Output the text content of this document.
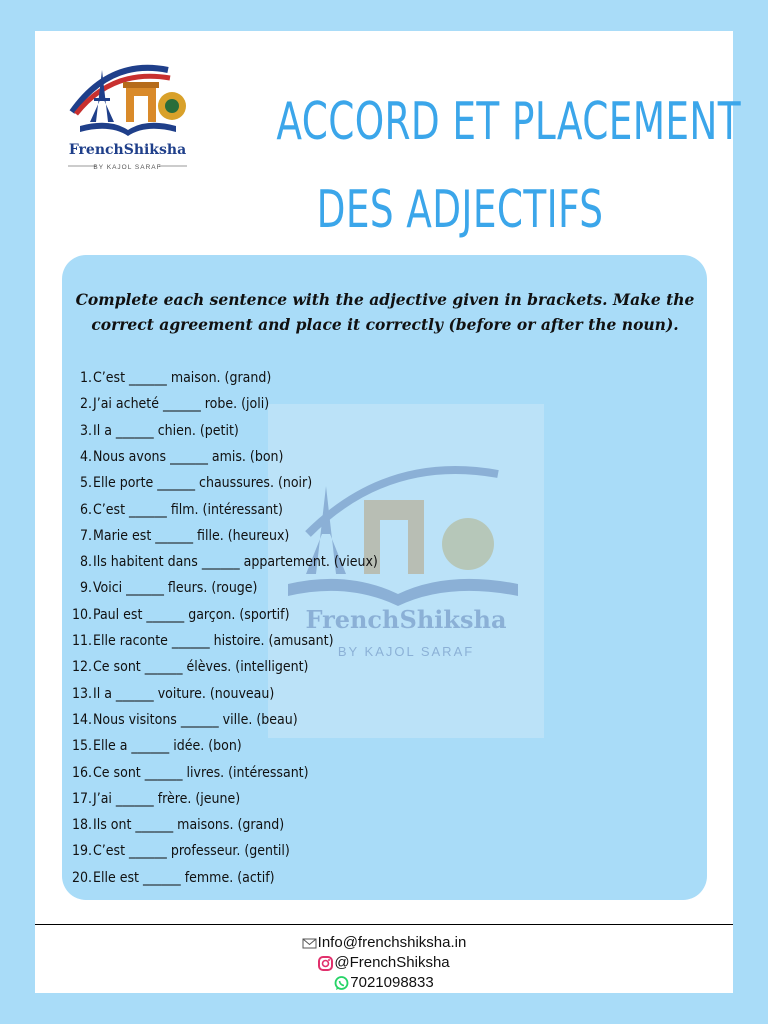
FrenchShiksha
BY KAJOL SARAF
ACCORD ET PLACEMENT
DES ADJECTIFS
FrenchShiksha
BY KAJOL SARAF
Complete each sentence with the adjective given in brackets. Make the correct agreement and place it correctly (before or after the noun).
1.C’est ______ maison. (grand)
2.J’ai acheté ______ robe. (joli)
3.Il a ______ chien. (petit)
4.Nous avons ______ amis. (bon)
5.Elle porte ______ chaussures. (noir)
6.C’est ______ film. (intéressant)
7.Marie est ______ fille. (heureux)
8.Ils habitent dans ______ appartement. (vieux)
9.Voici ______ fleurs. (rouge)
10.Paul est ______ garçon. (sportif)
11.Elle raconte ______ histoire. (amusant)
12.Ce sont ______ élèves. (intelligent)
13.Il a ______ voiture. (nouveau)
14.Nous visitons ______ ville. (beau)
15.Elle a ______ idée. (bon)
16.Ce sont ______ livres. (intéressant)
17.J’ai ______ frère. (jeune)
18.Ils ont ______ maisons. (grand)
19.C’est ______ professeur. (gentil)
20.Elle est ______ femme. (actif)
Info@frenchshiksha.in
@FrenchShiksha
7021098833
